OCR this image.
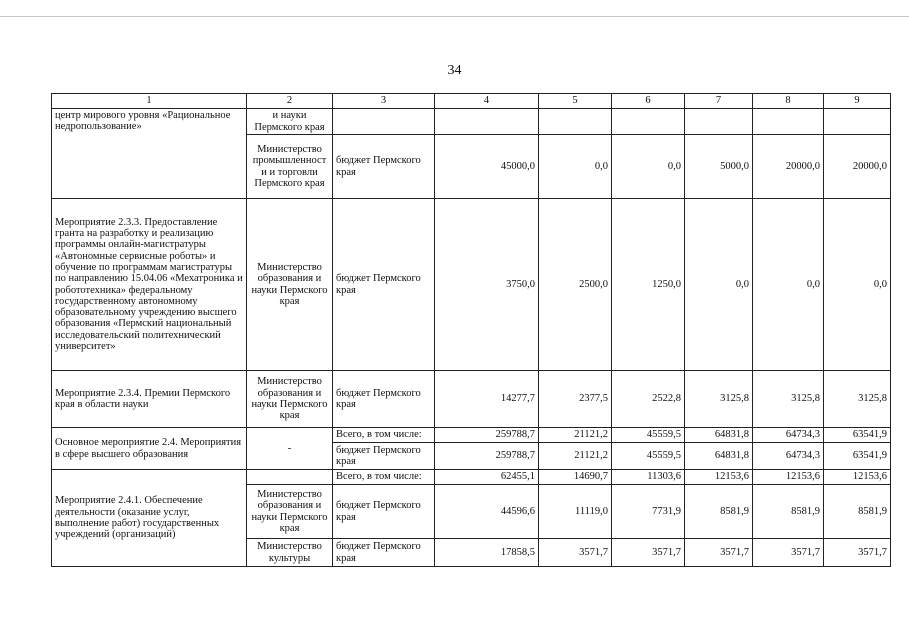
34
1	2	3	4	5	6	7	8	9
центр мирового уровня «Рациональное недропользование»	и науки Пермского края							
	Министерство промышленност и и торговли Пермского края	бюджет Пермского края	45000,0	0,0	0,0	5000,0	20000,0	20000,0
Мероприятие 2.3.3. Предоставление гранта на разработку и реализацию программы онлайн-магистратуры «Автономные сервисные роботы» и обучение по программам магистратуры по направлению 15.04.06 «Мехатроника и робототехника» федеральному государственному автономному образовательному учреждению высшего образования «Пермский национальный исследовательский политехнический университет»	Министерство образования и науки Пермского края	бюджет Пермского края	3750,0	2500,0	1250,0	0,0	0,0	0,0
Мероприятие 2.3.4. Премии Пермского края в области науки	Министерство образования и науки Пермского края	бюджет Пермского края	14277,7	2377,5	2522,8	3125,8	3125,8	3125,8
Основное мероприятие 2.4. Мероприятия в сфере высшего образования	-	Всего, в том числе:	259788,7	21121,2	45559,5	64831,8	64734,3	63541,9
		бюджет Пермского края	259788,7	21121,2	45559,5	64831,8	64734,3	63541,9
Мероприятие 2.4.1. Обеспечение деятельности (оказание услуг, выполнение работ) государственных учреждений (организаций)		Всего, в том числе:	62455,1	14690,7	11303,6	12153,6	12153,6	12153,6
	Министерство образования и науки Пермского края	бюджет Пермского края	44596,6	11119,0	7731,9	8581,9	8581,9	8581,9
	Министерство культуры	бюджет Пермского края	17858,5	3571,7	3571,7	3571,7	3571,7	3571,7
